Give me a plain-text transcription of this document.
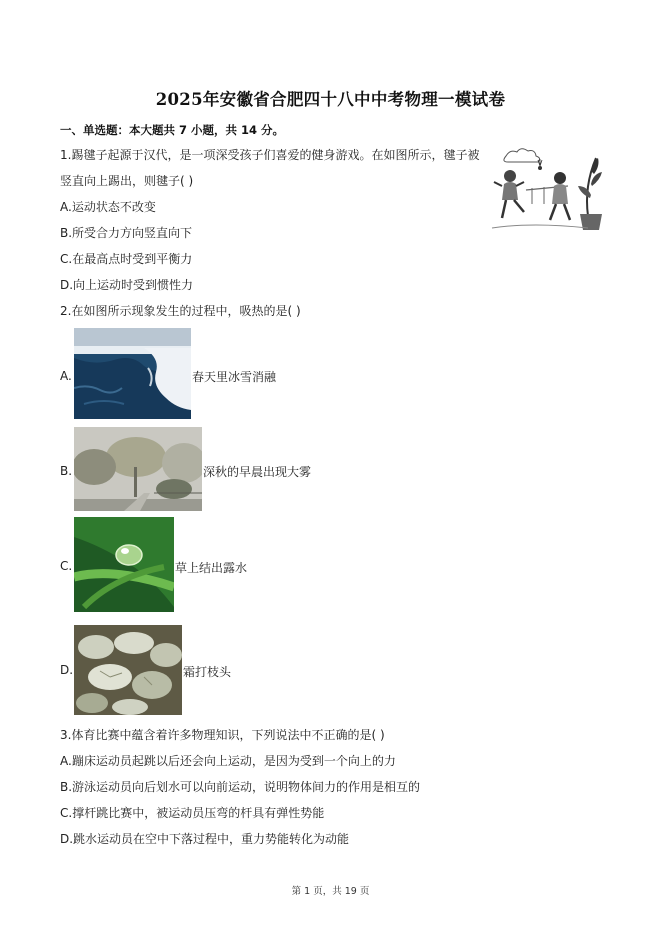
2025年安徽省合肥四十八中中考物理一模试卷
一、单选题：本大题共 7 小题，共 14 分。
1.踢毽子起源于汉代，是一项深受孩子们喜爱的健身游戏。在如图所示，毽子被
竖直向上踢出，则毽子( )
A.运动状态不改变
B.所受合力方向竖直向下
C.在最高点时受到平衡力
D.向上运动时受到惯性力
2.在如图所示现象发生的过程中，吸热的是( )
A.	春天里冰雪消融
B.	深秋的早晨出现大雾
C.	草上结出露水
D.	霜打枝头
3.体育比赛中蕴含着许多物理知识，下列说法中不正确的是( )
A.蹦床运动员起跳以后还会向上运动，是因为受到一个向上的力
B.游泳运动员向后划水可以向前运动，说明物体间力的作用是相互的
C.撑杆跳比赛中，被运动员压弯的杆具有弹性势能
D.跳水运动员在空中下落过程中，重力势能转化为动能
第 1 页，共 19 页
